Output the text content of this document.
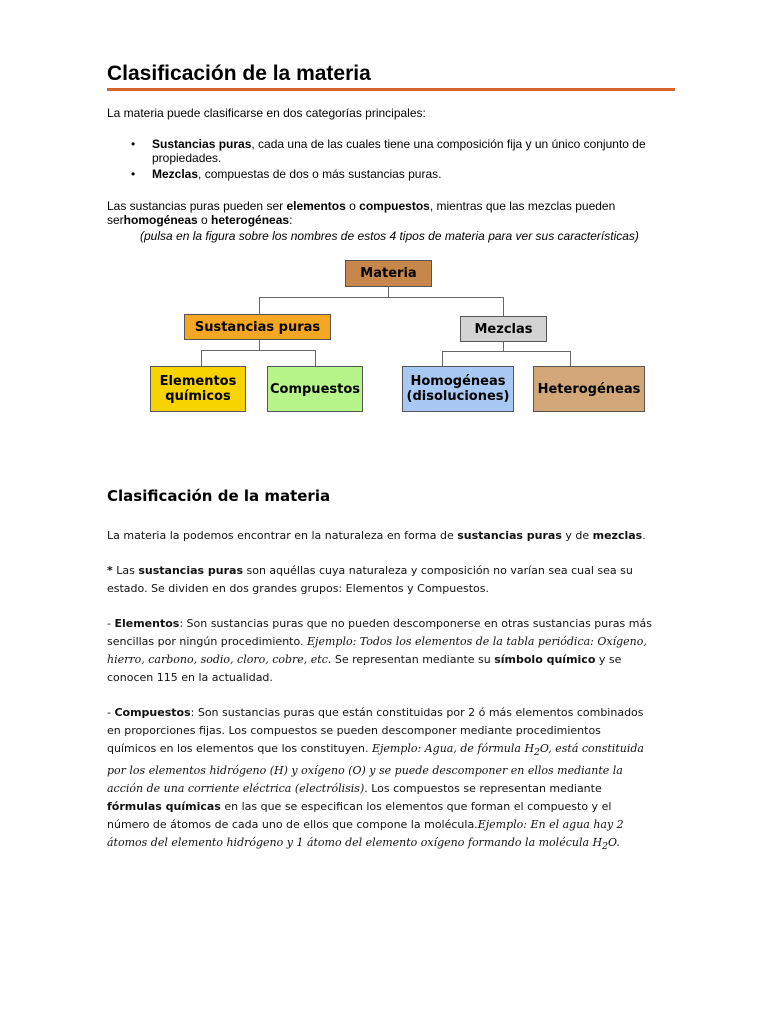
Clasificación de la materia
La materia puede clasificarse en dos categorías principales:
• Sustancias puras, cada una de las cuales tiene una composición fija y un único conjunto de propiedades.
• Mezclas, compuestas de dos o más sustancias puras.
Las sustancias puras pueden ser elementos o compuestos, mientras que las mezclas pueden serhomogéneas o heterogéneas:
(pulsa en la figura sobre los nombres de estos 4 tipos de materia para ver sus características)
Materia
Sustancias puras	Mezclas
Elementos químicos	Compuestos	Homogéneas (disoluciones)	Heterogéneas
Clasificación de la materia
La materia la podemos encontrar en la naturaleza en forma de sustancias puras y de mezclas.
* Las sustancias puras son aquéllas cuya naturaleza y composición no varían sea cual sea su estado. Se dividen en dos grandes grupos: Elementos y Compuestos.
- Elementos: Son sustancias puras que no pueden descomponerse en otras sustancias puras más sencillas por ningún procedimiento. Ejemplo: Todos los elementos de la tabla periódica: Oxígeno, hierro, carbono, sodio, cloro, cobre, etc. Se representan mediante su símbolo químico y se conocen 115 en la actualidad.
- Compuestos: Son sustancias puras que están constituidas por 2 ó más elementos combinados en proporciones fijas. Los compuestos se pueden descomponer mediante procedimientos químicos en los elementos que los constituyen. Ejemplo: Agua, de fórmula $H_2O$, está constituida por los elementos hidrógeno (H) y oxígeno (O) y se puede descomponer en ellos mediante la acción de una corriente eléctrica (electrólisis). Los compuestos se representan mediante fórmulas químicas en las que se especifican los elementos que forman el compuesto y el número de átomos de cada uno de ellos que compone la molécula.Ejemplo: En el agua hay 2 átomos del elemento hidrógeno y 1 átomo del elemento oxígeno formando la molécula $H_2O$.
